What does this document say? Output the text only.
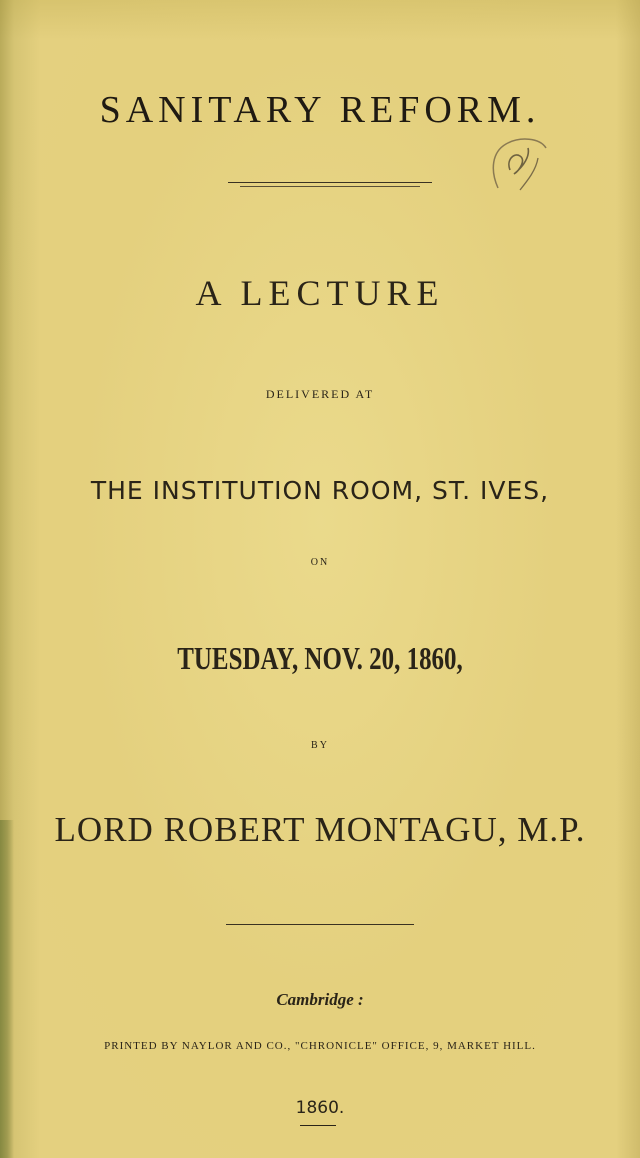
SANITARY REFORM.
A LECTURE
DELIVERED AT
THE INSTITUTION ROOM, ST. IVES,
ON
TUESDAY, NOV. 20, 1860,
BY
LORD ROBERT MONTAGU, M.P.
Cambridge :
PRINTED BY NAYLOR AND CO., "CHRONICLE" OFFICE, 9, MARKET HILL.
1860.
